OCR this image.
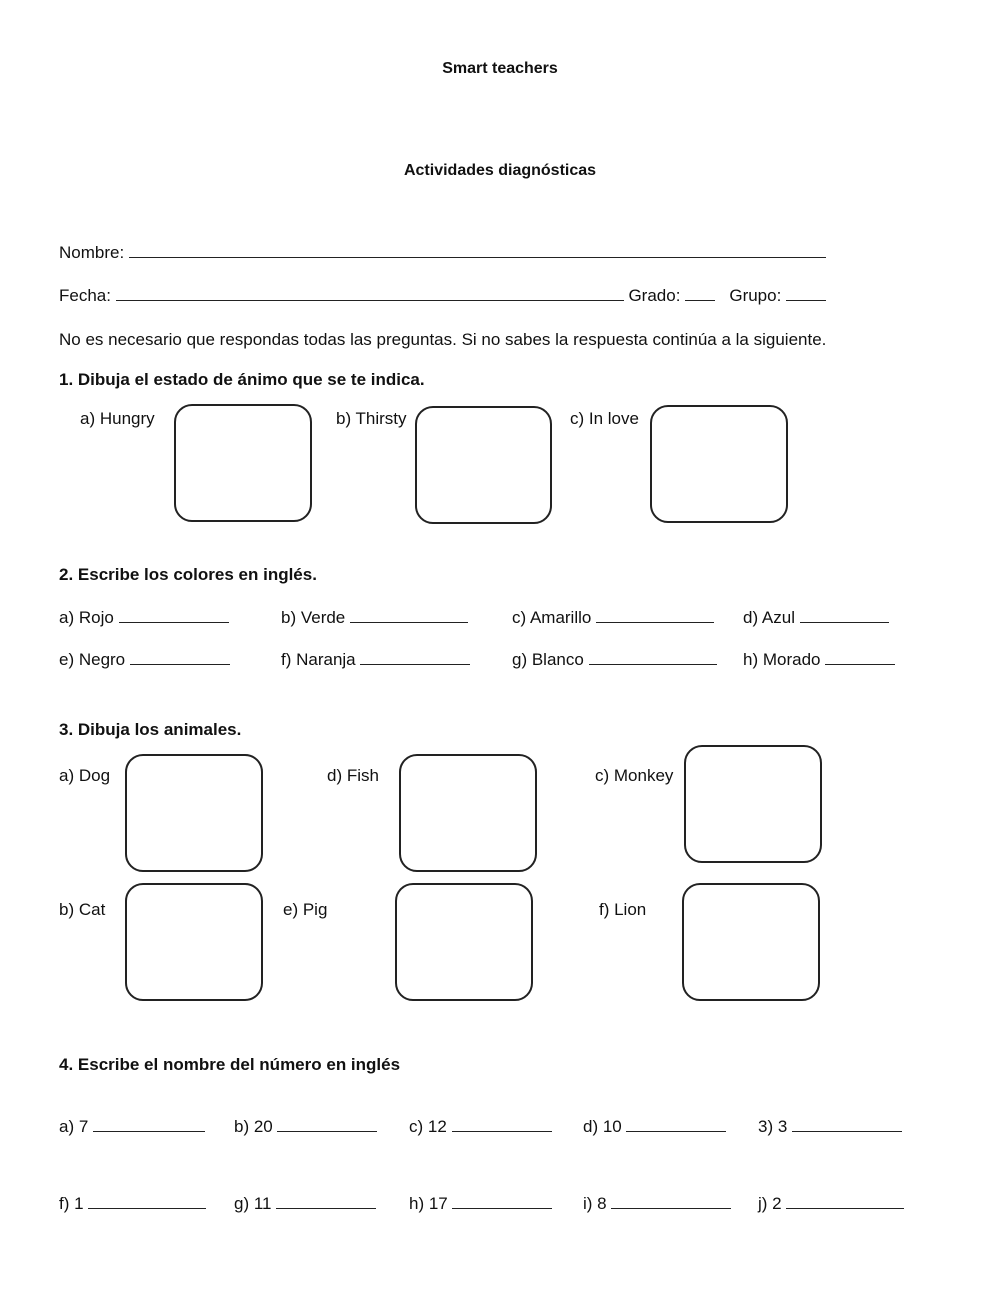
Smart teachers
Actividades diagnósticas
Nombre:
Fecha:	Grado:	Grupo:
No es necesario que respondas todas las preguntas. Si no sabes la respuesta continúa a la siguiente.
1. Dibuja el estado de ánimo que se te indica.
a) Hungry	b) Thirsty	c) In love
2. Escribe los colores en inglés.
a) Rojo	b) Verde	c) Amarillo	d) Azul
e) Negro	f) Naranja	g) Blanco	h) Morado
3. Dibuja los animales.
a) Dog	d) Fish	c) Monkey
b) Cat	e) Pig	f) Lion
4. Escribe el nombre del número en inglés
a) 7	b) 20	c) 12	d) 10	3) 3
f) 1	g) 11	h) 17	i) 8	j) 2
